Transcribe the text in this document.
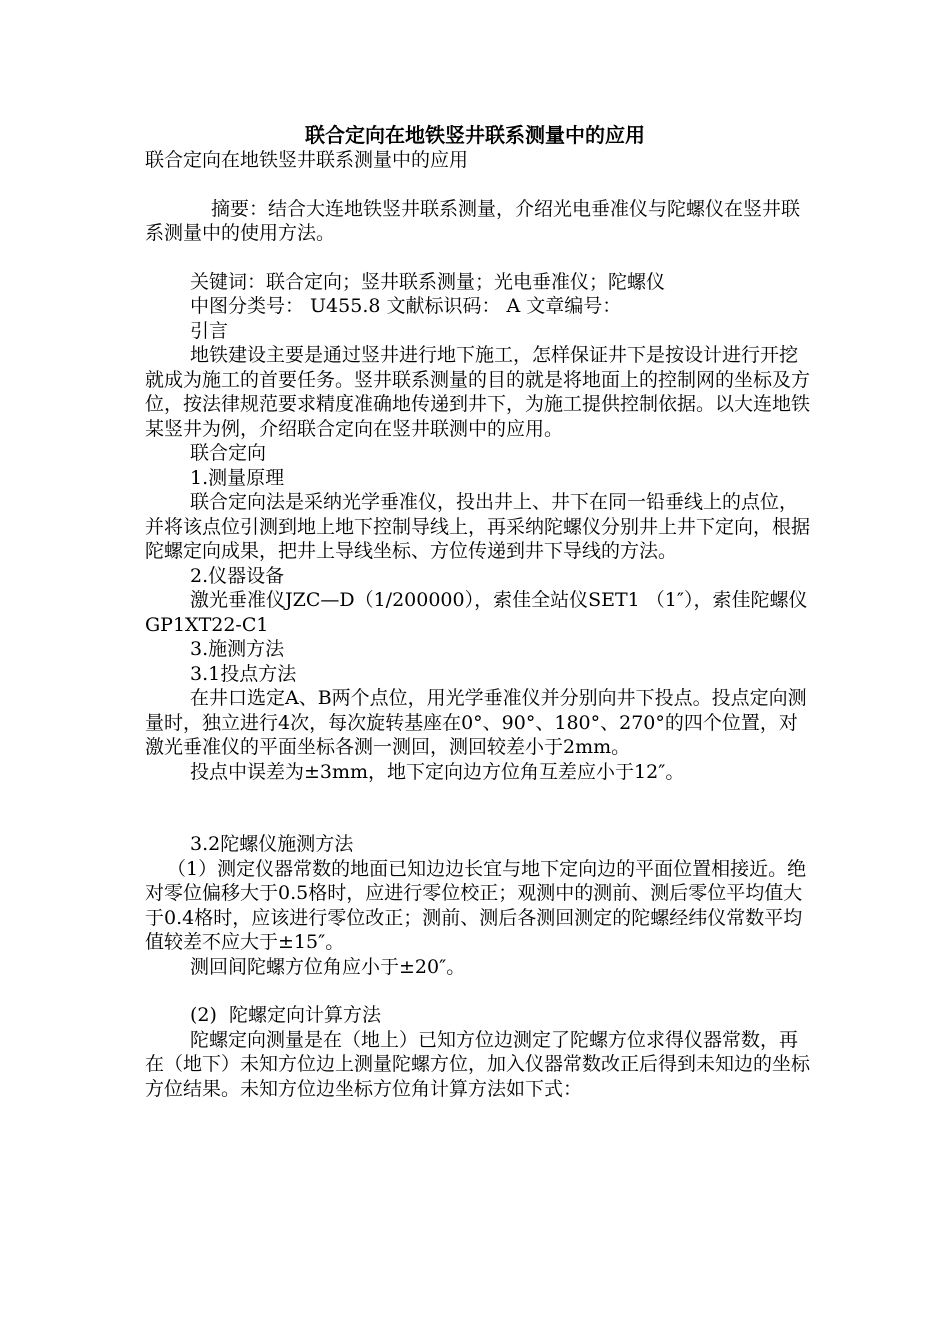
联合定向在地铁竖井联系测量中的应用

联合定向在地铁竖井联系测量中的应用

摘要：结合大连地铁竖井联系测量，介绍光电垂准仪与陀螺仪在竖井联系测量中的使用方法。

关键词：联合定向；竖井联系测量；光电垂准仪；陀螺仪

中图分类号： U455.8 文献标识码： A 文章编号：

引言

地铁建设主要是通过竖井进行地下施工，怎样保证井下是按设计进行开挖就成为施工的首要任务。竖井联系测量的目的就是将地面上的控制网的坐标及方位，按法律规范要求精度准确地传递到井下，为施工提供控制依据。以大连地铁某竖井为例，介绍联合定向在竖井联测中的应用。

联合定向

1.测量原理

联合定向法是采纳光学垂准仪，投出井上、井下在同一铅垂线上的点位，并将该点位引测到地上地下控制导线上，再采纳陀螺仪分别井上井下定向，根据陀螺定向成果，把井上导线坐标、方位传递到井下导线的方法。

2.仪器设备

激光垂准仪JZC—D（1/200000），索佳全站仪SET1 （1″），索佳陀螺仪GP1XT22-C1

3.施测方法

3.1投点方法

在井口选定A、B两个点位，用光学垂准仪并分别向井下投点。投点定向测量时，独立进行4次，每次旋转基座在0°、90°、180°、270°的四个位置，对激光垂准仪的平面坐标各测一测回，测回较差小于2mm。

投点中误差为±3mm，地下定向边方位角互差应小于12″。

3.2陀螺仪施测方法

（1）测定仪器常数的地面已知边边长宜与地下定向边的平面位置相接近。绝对零位偏移大于0.5格时，应进行零位校正；观测中的测前、测后零位平均值大于0.4格时，应该进行零位改正；测前、测后各测回测定的陀螺经纬仪常数平均值较差不应大于±15″。

测回间陀螺方位角应小于±20″。

(2)  陀螺定向计算方法

陀螺定向测量是在（地上）已知方位边测定了陀螺方位求得仪器常数，再在（地下）未知方位边上测量陀螺方位，加入仪器常数改正后得到未知边的坐标方位结果。未知方位边坐标方位角计算方法如下式：
